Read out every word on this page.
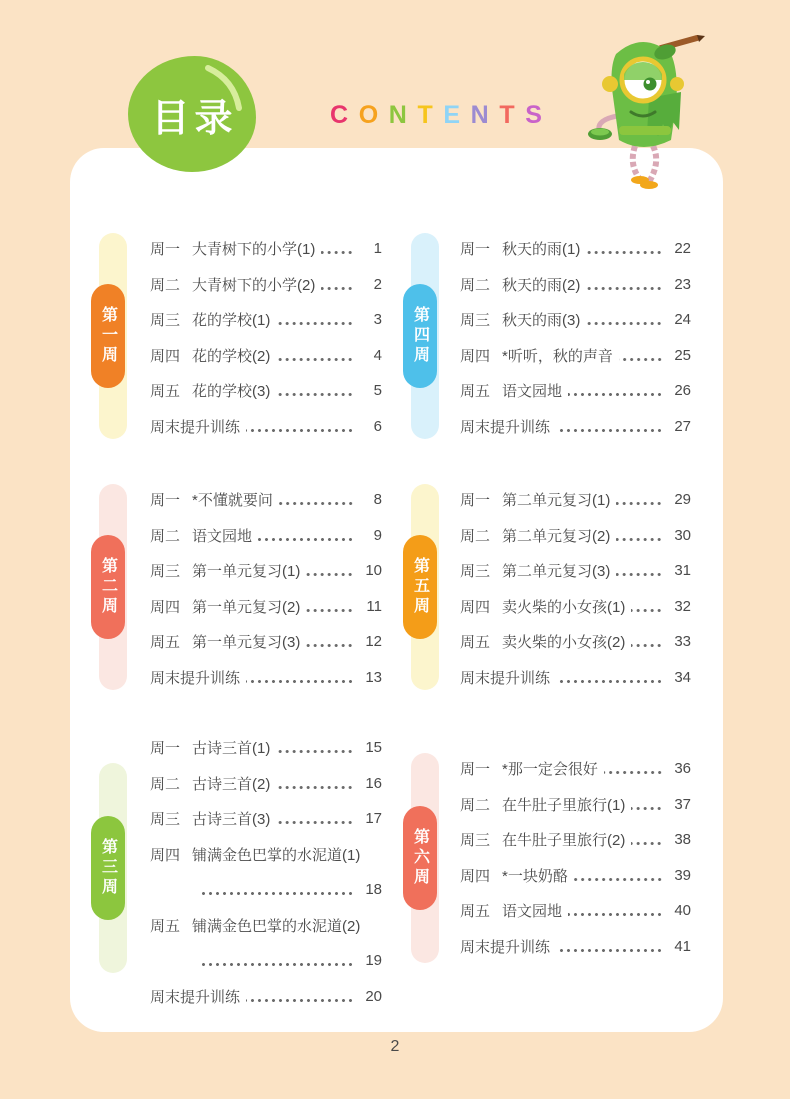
目录	C O N T E N T S
第一周
周一 大青树下的小学(1)	1
周二 大青树下的小学(2)	2
周三 花的学校(1)	3
周四 花的学校(2)	4
周五 花的学校(3)	5
周末提升训练	6
第二周
周一 *不懂就要问	8
周二 语文园地	9
周三 第一单元复习(1)	10
周四 第一单元复习(2)	11
周五 第一单元复习(3)	12
周末提升训练	13
第三周
周一 古诗三首(1)	15
周二 古诗三首(2)	16
周三 古诗三首(3)	17
周四 铺满金色巴掌的水泥道(1)
18
周五 铺满金色巴掌的水泥道(2)
19
周末提升训练	20
第四周
周一 秋天的雨(1)	22
周二 秋天的雨(2)	23
周三 秋天的雨(3)	24
周四 *听听，秋的声音	25
周五 语文园地	26
周末提升训练	27
第五周
周一 第二单元复习(1)	29
周二 第二单元复习(2)	30
周三 第二单元复习(3)	31
周四 卖火柴的小女孩(1)	32
周五 卖火柴的小女孩(2)	33
周末提升训练	34
第六周
周一 *那一定会很好	36
周二 在牛肚子里旅行(1)	37
周三 在牛肚子里旅行(2)	38
周四 *一块奶酪	39
周五 语文园地	40
周末提升训练	41
2
